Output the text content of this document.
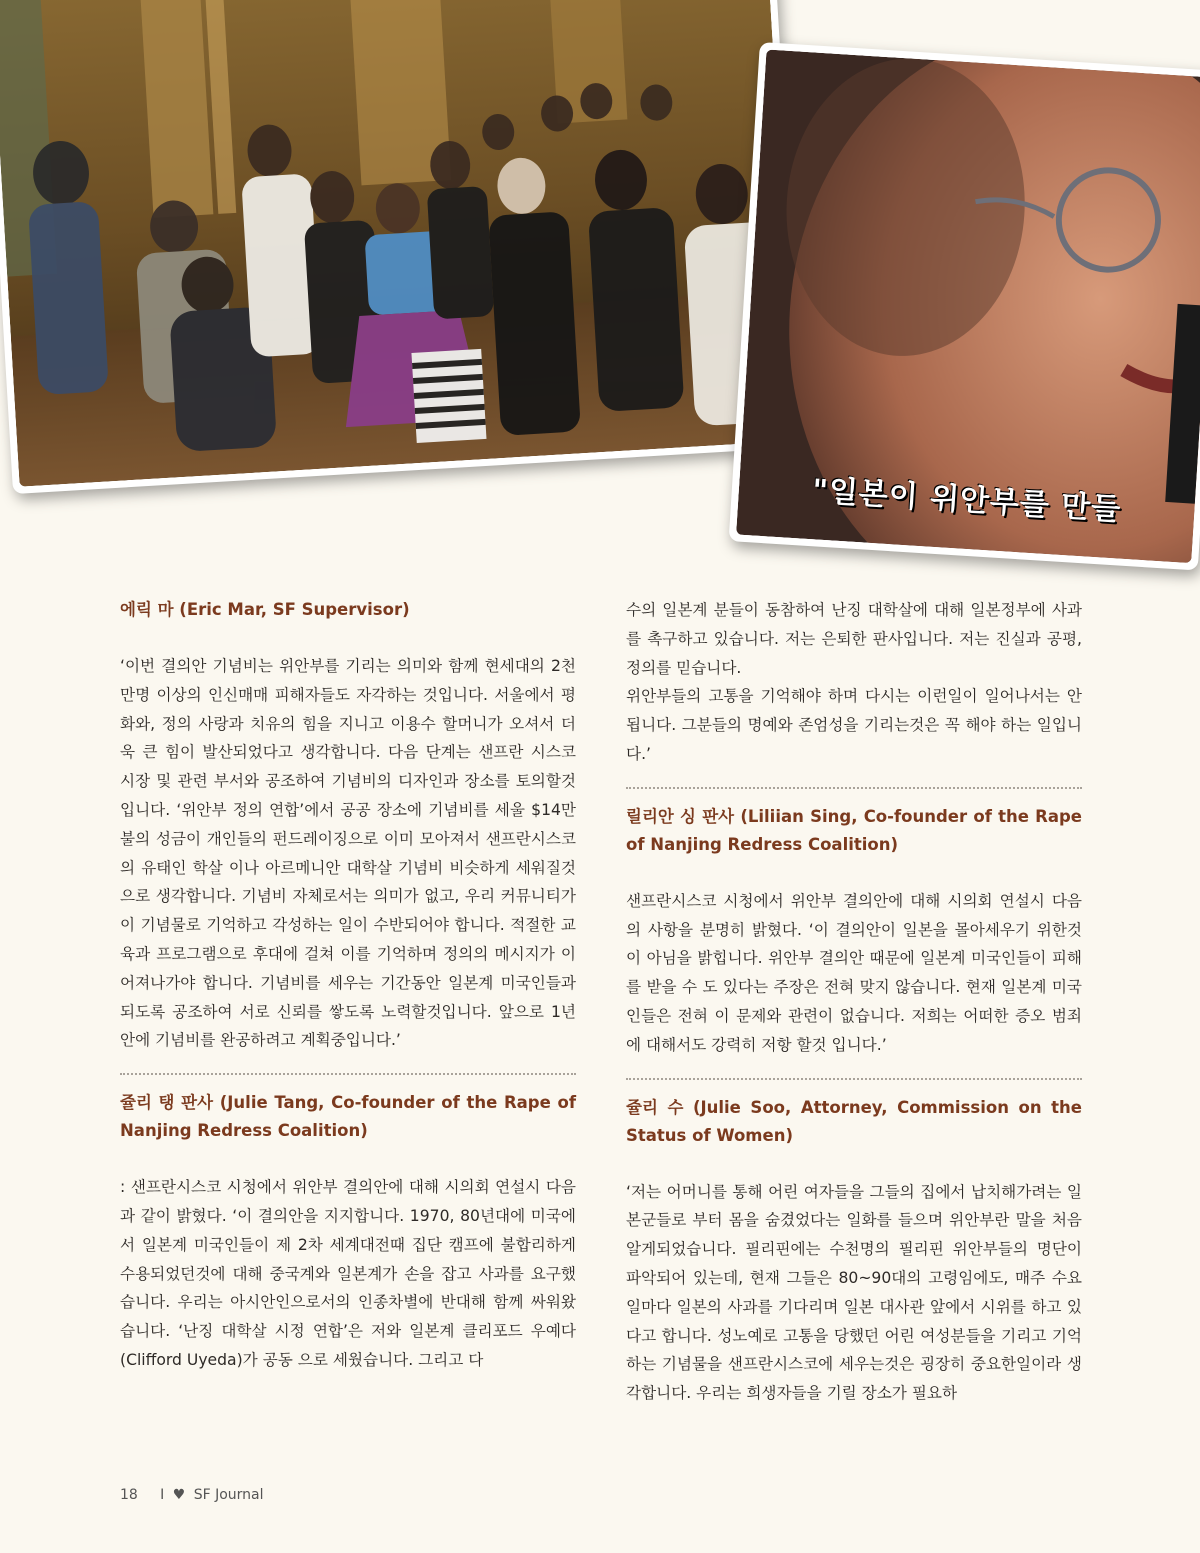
"일본이 위안부를 만들

에릭 마 (Eric Mar, SF Supervisor)

‘이번 결의안 기념비는 위안부를 기리는 의미와 함께 현세대의 2천만명 이상의 인신매매 피해자들도 자각하는 것입니다. 서울에서 평화와, 정의 사랑과 치유의 힘을 지니고 이용수 할머니가 오셔서 더욱 큰 힘이 발산되었다고 생각합니다. 다음 단계는 샌프란 시스코 시장 및 관련 부서와 공조하여 기념비의 디자인과 장소를 토의할것 입니다. ‘위안부 정의 연합’에서 공공 장소에 기념비를 세울 $14만불의 성금이 개인들의 펀드레이징으로 이미 모아져서 샌프란시스코의 유태인 학살 이나 아르메니안 대학살 기념비 비슷하게 세워질것으로 생각합니다. 기념비 자체로서는 의미가 없고, 우리 커뮤니티가 이 기념물로 기억하고 각성하는 일이 수반되어야 합니다. 적절한 교육과 프로그램으로 후대에 걸쳐 이를 기억하며 정의의 메시지가 이어져나가야 합니다. 기념비를 세우는 기간동안 일본계 미국인들과 되도록 공조하여 서로 신뢰를 쌓도록 노력할것입니다. 앞으로 1년 안에 기념비를 완공하려고 계획중입니다.’

쥴리 탱 판사 (Julie Tang, Co-founder of the Rape of Nanjing Redress Coalition)

: 샌프란시스코 시청에서 위안부 결의안에 대해 시의회 연설시 다음과 같이 밝혔다. ‘이 결의안을 지지합니다. 1970, 80년대에 미국에서 일본계 미국인들이 제 2차 세계대전때 집단 캠프에 불합리하게 수용되었던것에 대해 중국계와 일본계가 손을 잡고 사과를 요구했습니다. 우리는 아시안인으로서의 인종차별에 반대해 함께 싸워왔습니다. ‘난징 대학살 시정 연합’은 저와 일본계 클리포드 우예다(Clifford Uyeda)가 공동 으로 세웠습니다. 그리고 다

수의 일본계 분들이 동참하여 난징 대학살에 대해 일본정부에 사과를 촉구하고 있습니다. 저는 은퇴한 판사입니다. 저는 진실과 공평, 정의를 믿습니다.

위안부들의 고통을 기억해야 하며 다시는 이런일이 일어나서는 안됩니다. 그분들의 명예와 존엄성을 기리는것은 꼭 해야 하는 일입니다.’

릴리안 싱 판사 (Liliian Sing, Co-founder of the Rape of Nanjing Redress Coalition)

샌프란시스코 시청에서 위안부 결의안에 대해 시의회 연설시 다음의 사항을 분명히 밝혔다. ‘이 결의안이 일본을 몰아세우기 위한것이 아님을 밝힙니다. 위안부 결의안 때문에 일본계 미국인들이 피해를 받을 수 도 있다는 주장은 전혀 맞지 않습니다. 현재 일본계 미국인들은 전혀 이 문제와 관련이 없습니다. 저희는 어떠한 증오 범죄에 대해서도 강력히 저항 할것 입니다.’

쥴리 수 (Julie Soo, Attorney, Commission on the Status of Women)

‘저는 어머니를 통해 어린 여자들을 그들의 집에서 납치해가려는 일본군들로 부터 몸을 숨겼었다는 일화를 들으며 위안부란 말을 처음 알게되었습니다. 필리핀에는 수천명의 필리핀 위안부들의 명단이 파악되어 있는데, 현재 그들은 80~90대의 고령임에도, 매주 수요일마다 일본의 사과를 기다리며 일본 대사관 앞에서 시위를 하고 있다고 합니다. 성노예로 고통을 당했던 어린 여성분들을 기리고 기억하는 기념물을 샌프란시스코에 세우는것은 굉장히 중요한일이라 생각합니다. 우리는 희생자들을 기릴 장소가 필요하

18 I ♥ SF Journal
